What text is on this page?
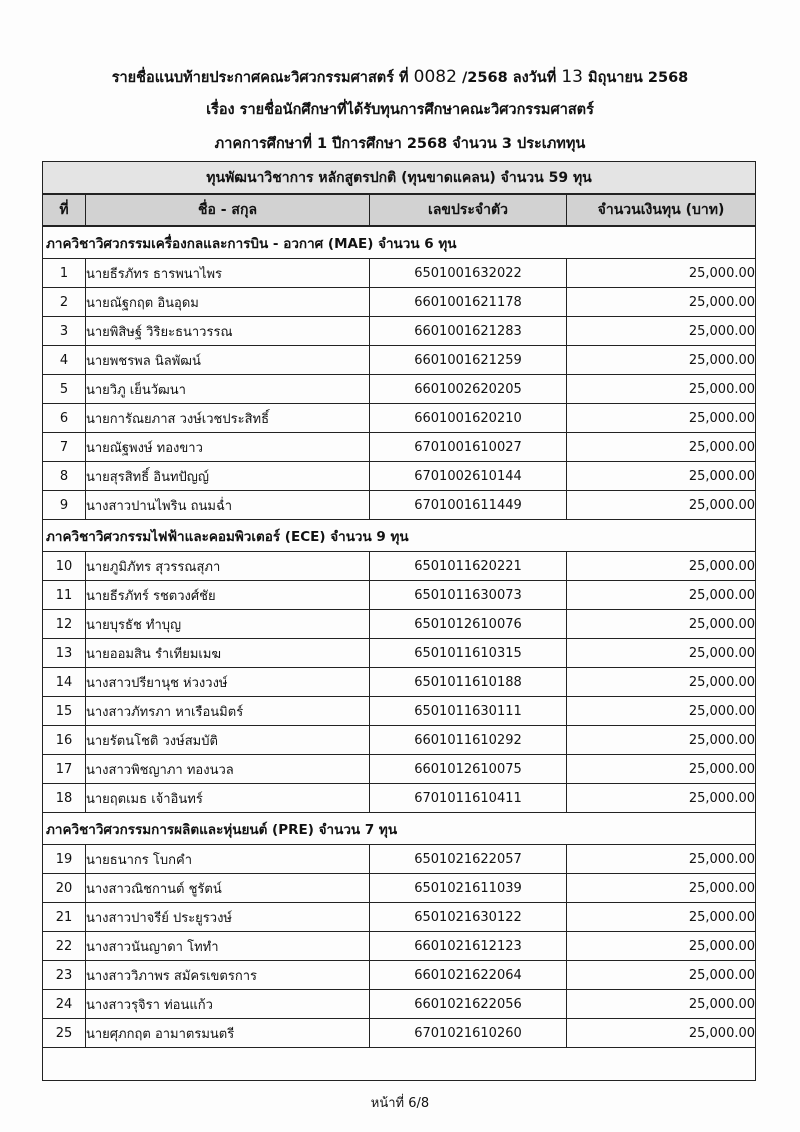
รายชื่อแนบท้ายประกาศคณะวิศวกรรมศาสตร์ ที่ 0082 /2568 ลงวันที่ 13 มิถุนายน 2568
เรื่อง รายชื่อนักศึกษาที่ได้รับทุนการศึกษาคณะวิศวกรรมศาสตร์
ภาคการศึกษาที่ 1 ปีการศึกษา 2568 จำนวน 3 ประเภททุน
ทุนพัฒนาวิชาการ หลักสูตรปกติ (ทุนขาดแคลน) จำนวน 59 ทุน			
ที่	ชื่อ - สกุล	เลขประจำตัว	จำนวนเงินทุน (บาท)
ภาควิชาวิศวกรรมเครื่องกลและการบิน - อวกาศ (MAE) จำนวน 6 ทุน			
1	นายธีรภัทร ธารพนาไพร	6501001632022	25,000.00
2	นายณัฐกฤต อินอุดม	6601001621178	25,000.00
3	นายพิสิษฐ์ วิริยะธนาวรรณ	6601001621283	25,000.00
4	นายพชรพล นิลพัฒน์	6601001621259	25,000.00
5	นายวิภู เย็นวัฒนา	6601002620205	25,000.00
6	นายการัณยภาส วงษ์เวชประสิทธิ์	6601001620210	25,000.00
7	นายณัฐพงษ์ ทองขาว	6701001610027	25,000.00
8	นายสุรสิทธิ์ อินทปัญญ์	6701002610144	25,000.00
9	นางสาวปานไพริน ถนมฉ่ำ	6701001611449	25,000.00
ภาควิชาวิศวกรรมไฟฟ้าและคอมพิวเตอร์ (ECE) จำนวน 9 ทุน			
10	นายภูมิภัทร สุวรรณสุภา	6501011620221	25,000.00
11	นายธีรภัทร์ รชตวงศ์ชัย	6501011630073	25,000.00
12	นายบุรธัช ทำบุญ	6501012610076	25,000.00
13	นายออมสิน รำเทียมเมฆ	6501011610315	25,000.00
14	นางสาวปรียานุช ห่วงวงษ์	6501011610188	25,000.00
15	นางสาวภัทรภา หาเรือนมิตร์	6501011630111	25,000.00
16	นายรัตนโชติ วงษ์สมบัติ	6601011610292	25,000.00
17	นางสาวพิชญาภา ทองนวล	6601012610075	25,000.00
18	นายฤตเมธ เจ้าอินทร์	6701011610411	25,000.00
ภาควิชาวิศวกรรมการผลิตและหุ่นยนต์ (PRE) จำนวน 7 ทุน			
19	นายธนากร โบกคำ	6501021622057	25,000.00
20	นางสาวณิชกานต์ ชูรัตน์	6501021611039	25,000.00
21	นางสาวปาจรีย์ ประยูรวงษ์	6501021630122	25,000.00
22	นางสาวนันญาดา โททำ	6601021612123	25,000.00
23	นางสาววิภาพร สมัครเขตรการ	6601021622064	25,000.00
24	นางสาวรุจิรา ท่อนแก้ว	6601021622056	25,000.00
25	นายศุภกฤต อามาตรมนตรี	6701021610260	25,000.00

หน้าที่ 6/8
